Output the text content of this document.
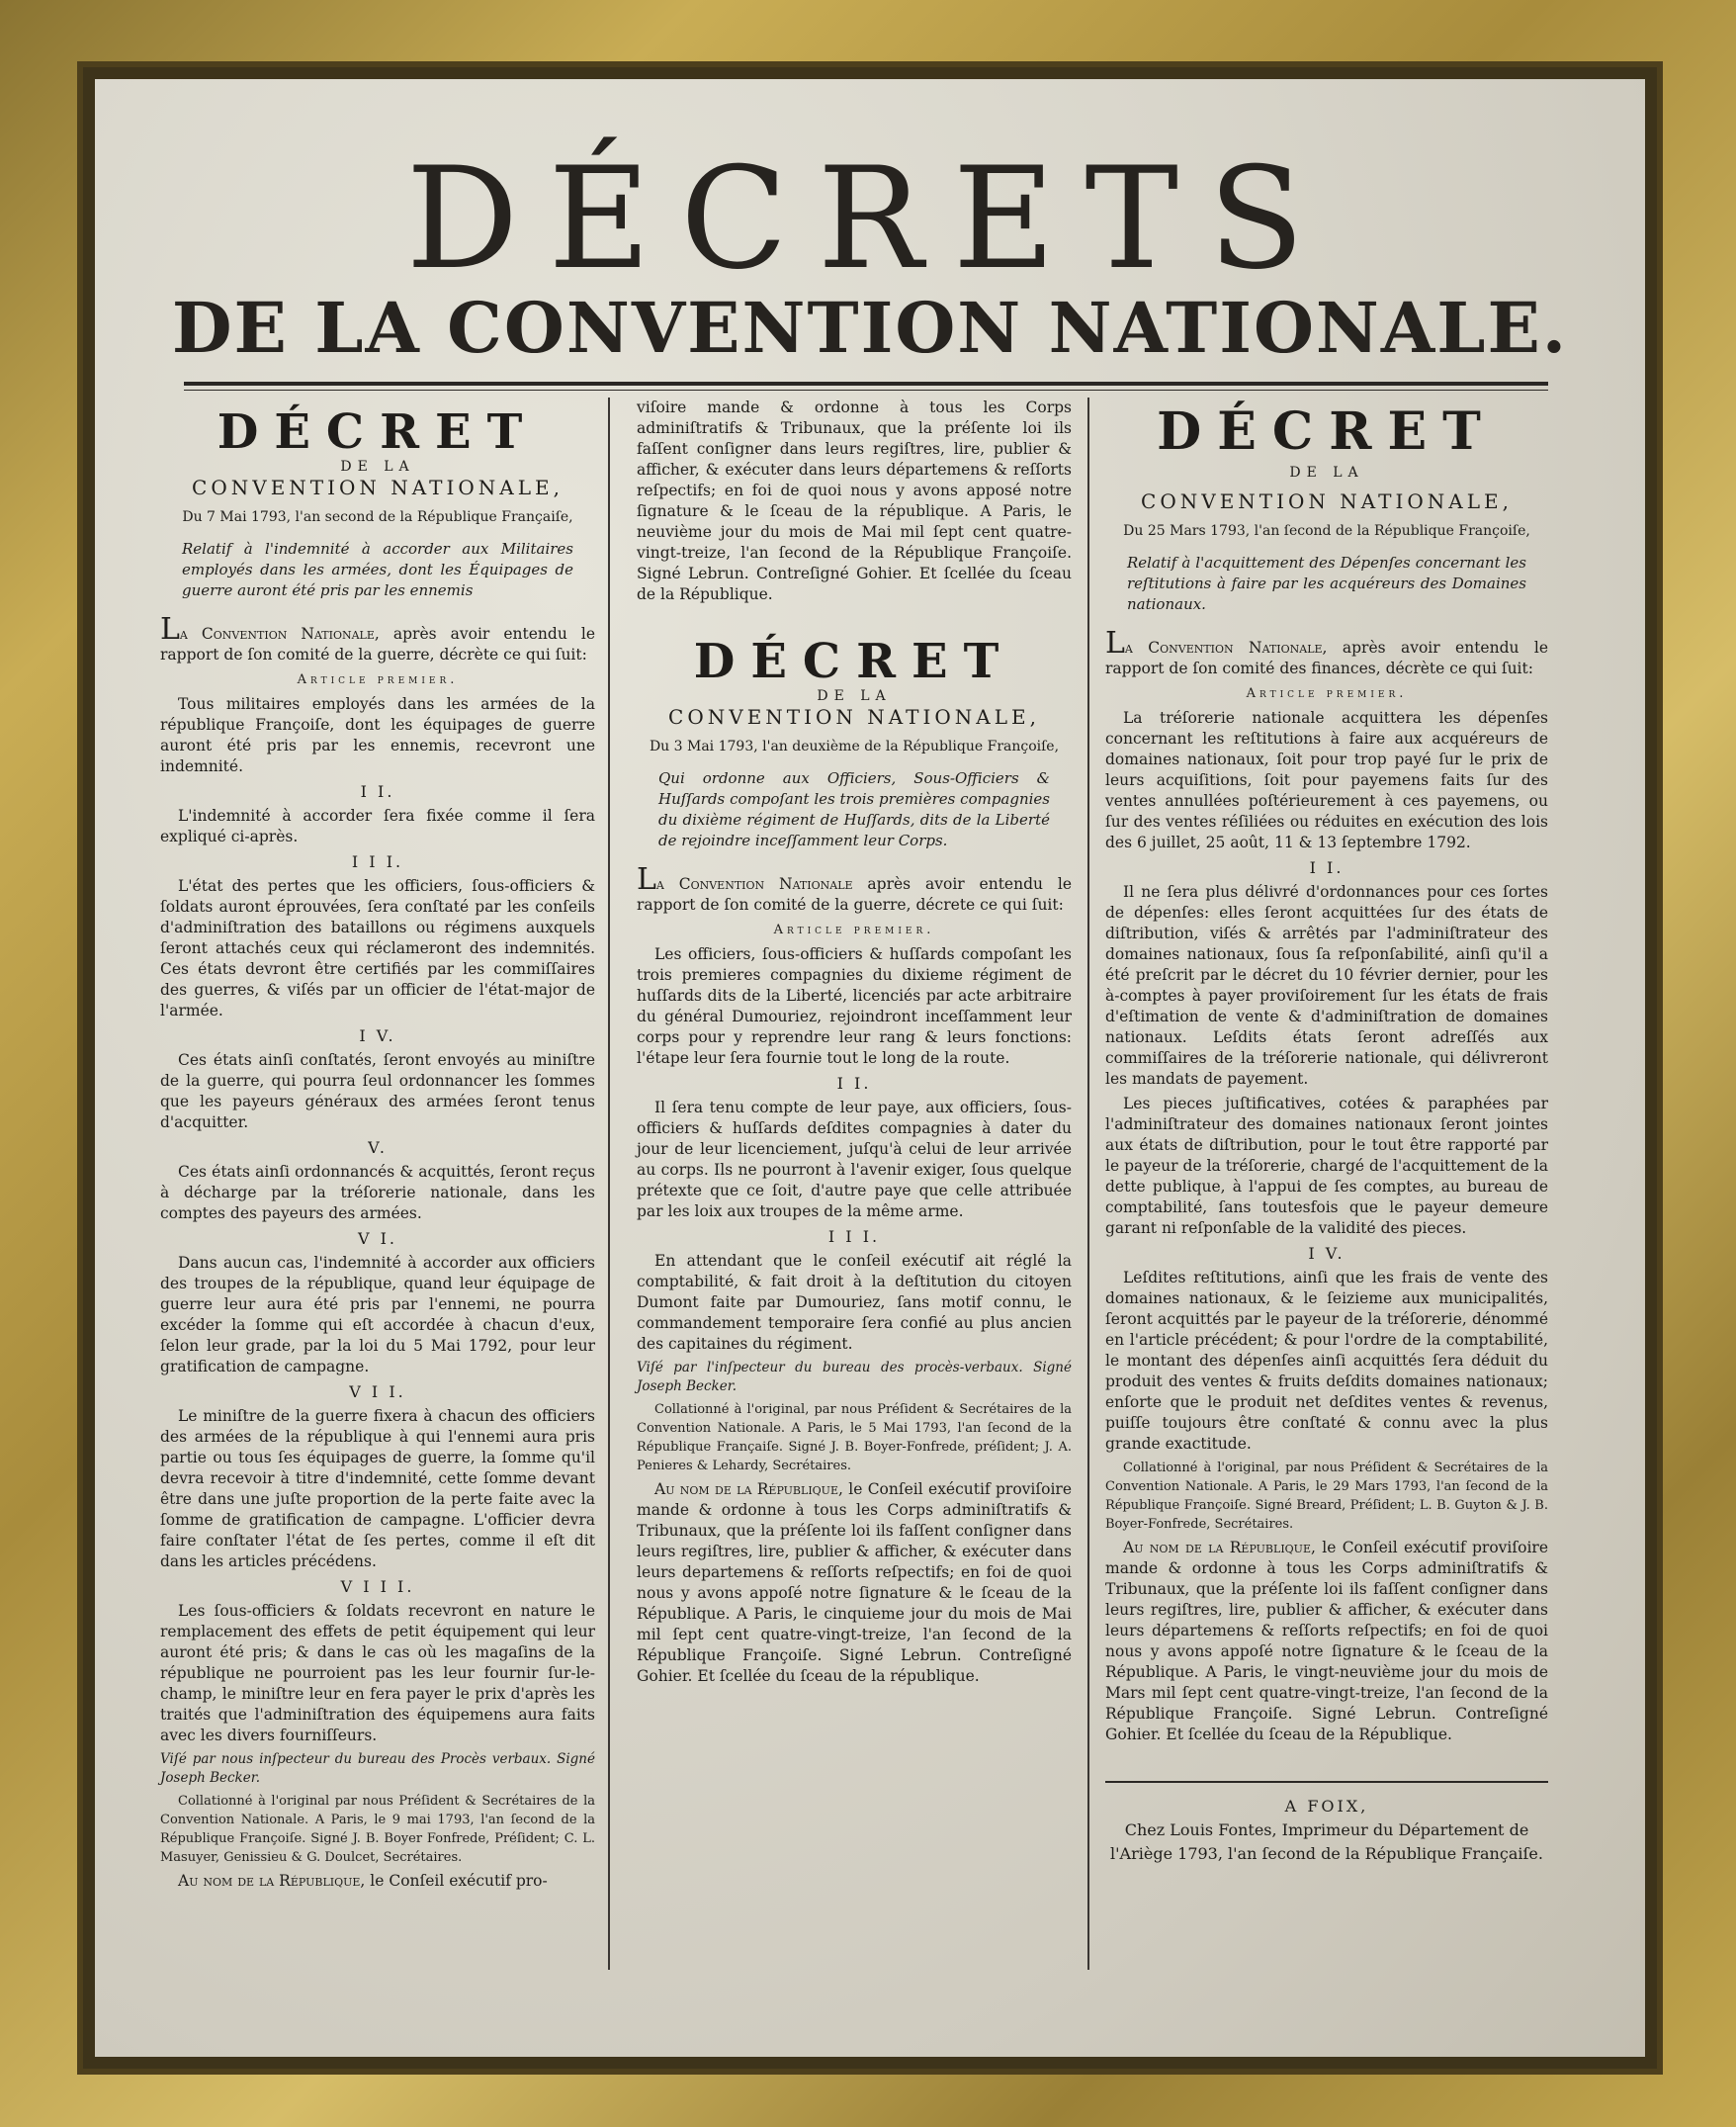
DÉCRETS
DE LA CONVENTION NATIONALE.
DÉCRET
DE LA
CONVENTION NATIONALE,
Du 7 Mai 1793, l'an second de la République Françaiſe,
Relatif à l'indemnité à accorder aux Militaires employés dans les armées, dont les Équipages de guerre auront été pris par les ennemis

La Convention Nationale, après avoir entendu le rapport de ſon comité de la guerre, décrète ce qui ſuit:

Article premier.

Tous militaires employés dans les armées de la république Françoiſe, dont les équipages de guerre auront été pris par les ennemis, recevront une indemnité.

I I.

L'indemnité à accorder ſera fixée comme il ſera expliqué ci-après.

I I I.

L'état des pertes que les officiers, ſous-officiers & ſoldats auront éprouvées, ſera conſtaté par les conſeils d'adminiſtration des bataillons ou régimens auxquels ſeront attachés ceux qui réclameront des indemnités. Ces états devront être certifiés par les commiſſaires des guerres, & viſés par un officier de l'état-major de l'armée.

I V.

Ces états ainſi conſtatés, ſeront envoyés au miniſtre de la guerre, qui pourra ſeul ordonnancer les ſommes que les payeurs généraux des armées ſeront tenus d'acquitter.

V.

Ces états ainſi ordonnancés & acquittés, ſeront reçus à décharge par la tréſorerie nationale, dans les comptes des payeurs des armées.

V I.

Dans aucun cas, l'indemnité à accorder aux officiers des troupes de la république, quand leur équipage de guerre leur aura été pris par l'ennemi, ne pourra excéder la ſomme qui eſt accordée à chacun d'eux, ſelon leur grade, par la loi du 5 Mai 1792, pour leur gratification de campagne.

V I I.

Le miniſtre de la guerre fixera à chacun des officiers des armées de la république à qui l'ennemi aura pris partie ou tous ſes équipages de guerre, la ſomme qu'il devra recevoir à titre d'indemnité, cette ſomme devant être dans une juſte proportion de la perte faite avec la ſomme de gratification de campagne. L'officier devra faire conſtater l'état de ſes pertes, comme il eſt dit dans les articles précédens.

V I I I.

Les ſous-officiers & ſoldats recevront en nature le remplacement des effets de petit équipement qui leur auront été pris; & dans le cas où les magaſins de la république ne pourroient pas les leur fournir ſur-le-champ, le miniſtre leur en fera payer le prix d'après les traités que l'adminiſtration des équipemens aura faits avec les divers fourniſſeurs.

Viſé par nous inſpecteur du bureau des Procès verbaux. Signé Joseph Becker.

Collationné à l'original par nous Préſident & Secrétaires de la Convention Nationale. A Paris, le 9 mai 1793, l'an ſecond de la République Françoiſe. Signé J. B. Boyer Fonfrede, Préſident; C. L. Masuyer, Genissieu & G. Doulcet, Secrétaires.

Au nom de la République, le Conſeil exécutif pro-

viſoire mande & ordonne à tous les Corps adminiſtratifs & Tribunaux, que la préſente loi ils faſſent conſigner dans leurs regiſtres, lire, publier & afficher, & exécuter dans leurs départemens & reſſorts reſpectifs; en foi de quoi nous y avons apposé notre ſignature & le ſceau de la république. A Paris, le neuvième jour du mois de Mai mil ſept cent quatre-vingt-treize, l'an ſecond de la République Françoiſe. Signé Lebrun. Contreſigné Gohier. Et ſcellée du ſceau de la République.

DÉCRET
DE LA
CONVENTION NATIONALE,
Du 3 Mai 1793, l'an deuxième de la République Françoiſe,
Qui ordonne aux Officiers, Sous-Officiers & Huſſards compoſant les trois premières compagnies du dixième régiment de Huſſards, dits de la Liberté de rejoindre inceſſamment leur Corps.

La Convention Nationale après avoir entendu le rapport de ſon comité de la guerre, décrete ce qui ſuit:

Article premier.

Les officiers, ſous-officiers & huſſards compoſant les trois premieres compagnies du dixieme régiment de huſſards dits de la Liberté, licenciés par acte arbitraire du général Dumouriez, rejoindront inceſſamment leur corps pour y reprendre leur rang & leurs fonctions: l'étape leur ſera fournie tout le long de la route.

I I.

Il ſera tenu compte de leur paye, aux officiers, ſous-officiers & huſſards deſdites compagnies à dater du jour de leur licenciement, juſqu'à celui de leur arrivée au corps. Ils ne pourront à l'avenir exiger, ſous quelque prétexte que ce ſoit, d'autre paye que celle attribuée par les loix aux troupes de la même arme.

I I I.

En attendant que le conſeil exécutif ait réglé la comptabilité, & fait droit à la deſtitution du citoyen Dumont faite par Dumouriez, ſans motif connu, le commandement temporaire ſera confié au plus ancien des capitaines du régiment.

Viſé par l'inſpecteur du bureau des procès-verbaux. Signé Joseph Becker.

Collationné à l'original, par nous Préſident & Secrétaires de la Convention Nationale. A Paris, le 5 Mai 1793, l'an ſecond de la République Françaiſe. Signé J. B. Boyer-Fonfrede, préſident; J. A. Penieres & Lehardy, Secrétaires.

Au nom de la République, le Conſeil exécutif proviſoire mande & ordonne à tous les Corps adminiſtratifs & Tribunaux, que la préſente loi ils faſſent conſigner dans leurs regiſtres, lire, publier & afficher, & exécuter dans leurs departemens & reſſorts reſpectifs; en foi de quoi nous y avons appoſé notre ſignature & le ſceau de la République. A Paris, le cinquieme jour du mois de Mai mil ſept cent quatre-vingt-treize, l'an ſecond de la République Françoiſe. Signé Lebrun. Contreſigné Gohier. Et ſcellée du ſceau de la république.

DÉCRET
DE LA
CONVENTION NATIONALE,
Du 25 Mars 1793, l'an ſecond de la République Françoiſe,
Relatif à l'acquittement des Dépenſes concernant les reſtitutions à faire par les acquéreurs des Domaines nationaux.

La Convention Nationale, après avoir entendu le rapport de ſon comité des finances, décrète ce qui ſuit:

Article premier.

La tréſorerie nationale acquittera les dépenſes concernant les reſtitutions à faire aux acquéreurs de domaines nationaux, ſoit pour trop payé ſur le prix de leurs acquiſitions, ſoit pour payemens faits ſur des ventes annullées poſtérieurement à ces payemens, ou ſur des ventes réſiliées ou réduites en exécution des lois des 6 juillet, 25 août, 11 & 13 ſeptembre 1792.

I I.

Il ne ſera plus délivré d'ordonnances pour ces ſortes de dépenſes: elles ſeront acquittées ſur des états de diſtribution, viſés & arrêtés par l'adminiſtrateur des domaines nationaux, ſous ſa reſponſabilité, ainſi qu'il a été preſcrit par le décret du 10 février dernier, pour les à-comptes à payer proviſoirement ſur les états de frais d'eſtimation de vente & d'adminiſtration de domaines nationaux. Leſdits états ſeront adreſſés aux commiſſaires de la tréſorerie nationale, qui délivreront les mandats de payement.

Les pieces juſtificatives, cotées & paraphées par l'adminiſtrateur des domaines nationaux ſeront jointes aux états de diſtribution, pour le tout être rapporté par le payeur de la tréſorerie, chargé de l'acquittement de la dette publique, à l'appui de ſes comptes, au bureau de comptabilité, ſans toutesfois que le payeur demeure garant ni reſponſable de la validité des pieces.

I V.

Leſdites reſtitutions, ainſi que les frais de vente des domaines nationaux, & le ſeizieme aux municipalités, ſeront acquittés par le payeur de la tréſorerie, dénommé en l'article précédent; & pour l'ordre de la comptabilité, le montant des dépenſes ainſi acquittés ſera déduit du produit des ventes & fruits deſdits domaines nationaux; enſorte que le produit net deſdites ventes & revenus, puiſſe toujours être conſtaté & connu avec la plus grande exactitude.

Collationné à l'original, par nous Préſident & Secrétaires de la Convention Nationale. A Paris, le 29 Mars 1793, l'an ſecond de la République Françoiſe. Signé Breard, Préſident; L. B. Guyton & J. B. Boyer-Fonfrede, Secrétaires.

Au nom de la République, le Conſeil exécutif proviſoire mande & ordonne à tous les Corps adminiſtratifs & Tribunaux, que la préſente loi ils faſſent conſigner dans leurs regiſtres, lire, publier & afficher, & exécuter dans leurs départemens & reſſorts reſpectifs; en foi de quoi nous y avons appoſé notre ſignature & le ſceau de la République. A Paris, le vingt-neuvième jour du mois de Mars mil ſept cent quatre-vingt-treize, l'an ſecond de la République Françoiſe. Signé Lebrun. Contreſigné Gohier. Et ſcellée du ſceau de la République.

A FOIX,
Chez Louis Fontes, Imprimeur du Département de l'Ariège 1793, l'an ſecond de la République Françaiſe.
